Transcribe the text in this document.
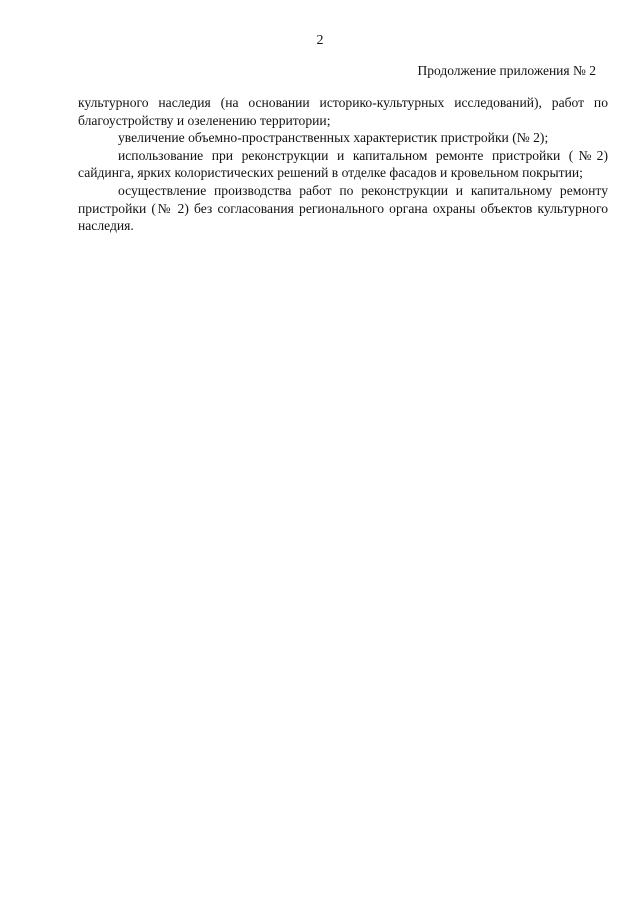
2
Продолжение приложения № 2

культурного наследия (на основании историко-культурных исследований), работ по благоустройству и озеленению территории;

увеличение объемно-пространственных характеристик пристройки (№ 2);

использование при реконструкции и капитальном ремонте пристройки (№2) сайдинга, ярких колористических решений в отделке фасадов и кровельном покрытии;

осуществление производства работ по реконструкции и капитальному ремонту пристройки (№ 2) без согласования регионального органа охраны объектов культурного наследия.
